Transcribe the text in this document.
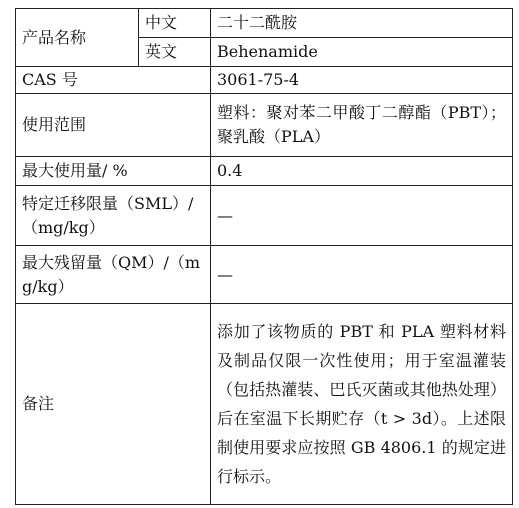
产品名称	中文	二十二酰胺
	英文	Behenamide
CAS 号		3061-75-4
使用范围		塑料：聚对苯二甲酸丁二醇酯（PBT）；聚乳酸（PLA）
最大使用量/ %		0.4
特定迁移限量（SML）/（mg/kg）		—
最大残留量（QM）/（mg/kg）		—
备注		添加了该物质的 PBT 和 PLA 塑料材料及制品仅限一次性使用；用于室温灌装（包括热灌装、巴氏灭菌或其他热处理）后在室温下长期贮存（t > 3d）。上述限制使用要求应按照 GB 4806.1 的规定进行标示。
